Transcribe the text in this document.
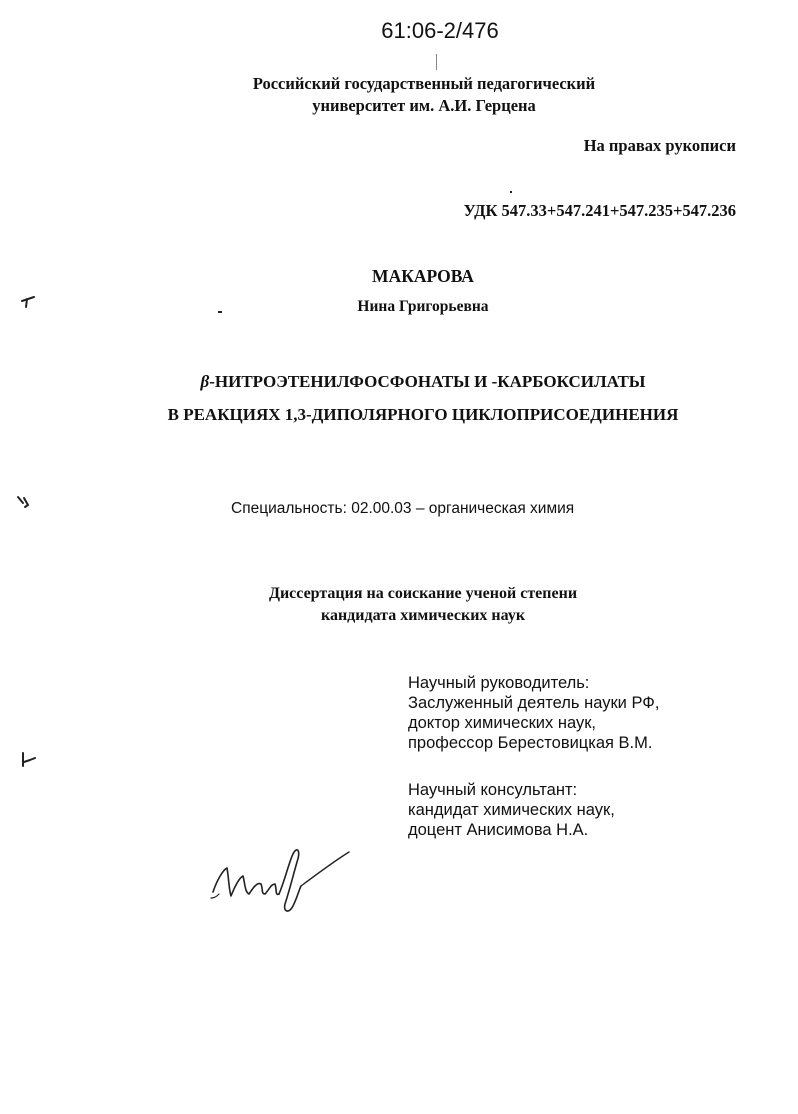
61:06-2/476
Российский государственный педагогический
университет им. А.И. Герцена
На правах рукописи
УДК 547.33+547.241+547.235+547.236
МАКАРОВА
Нина Григорьевна
β-НИТРОЭТЕНИЛФОСФОНАТЫ И -КАРБОКСИЛАТЫ
В РЕАКЦИЯХ 1,3-ДИПОЛЯРНОГО ЦИКЛОПРИСОЕДИНЕНИЯ
Специальность: 02.00.03 – органическая химия
Диссертация на соискание ученой степени
кандидата химических наук
Научный руководитель:
Заслуженный деятель науки РФ,
доктор химических наук,
профессор Берестовицкая В.М.
Научный консультант:
кандидат химических наук,
доцент Анисимова Н.А.
